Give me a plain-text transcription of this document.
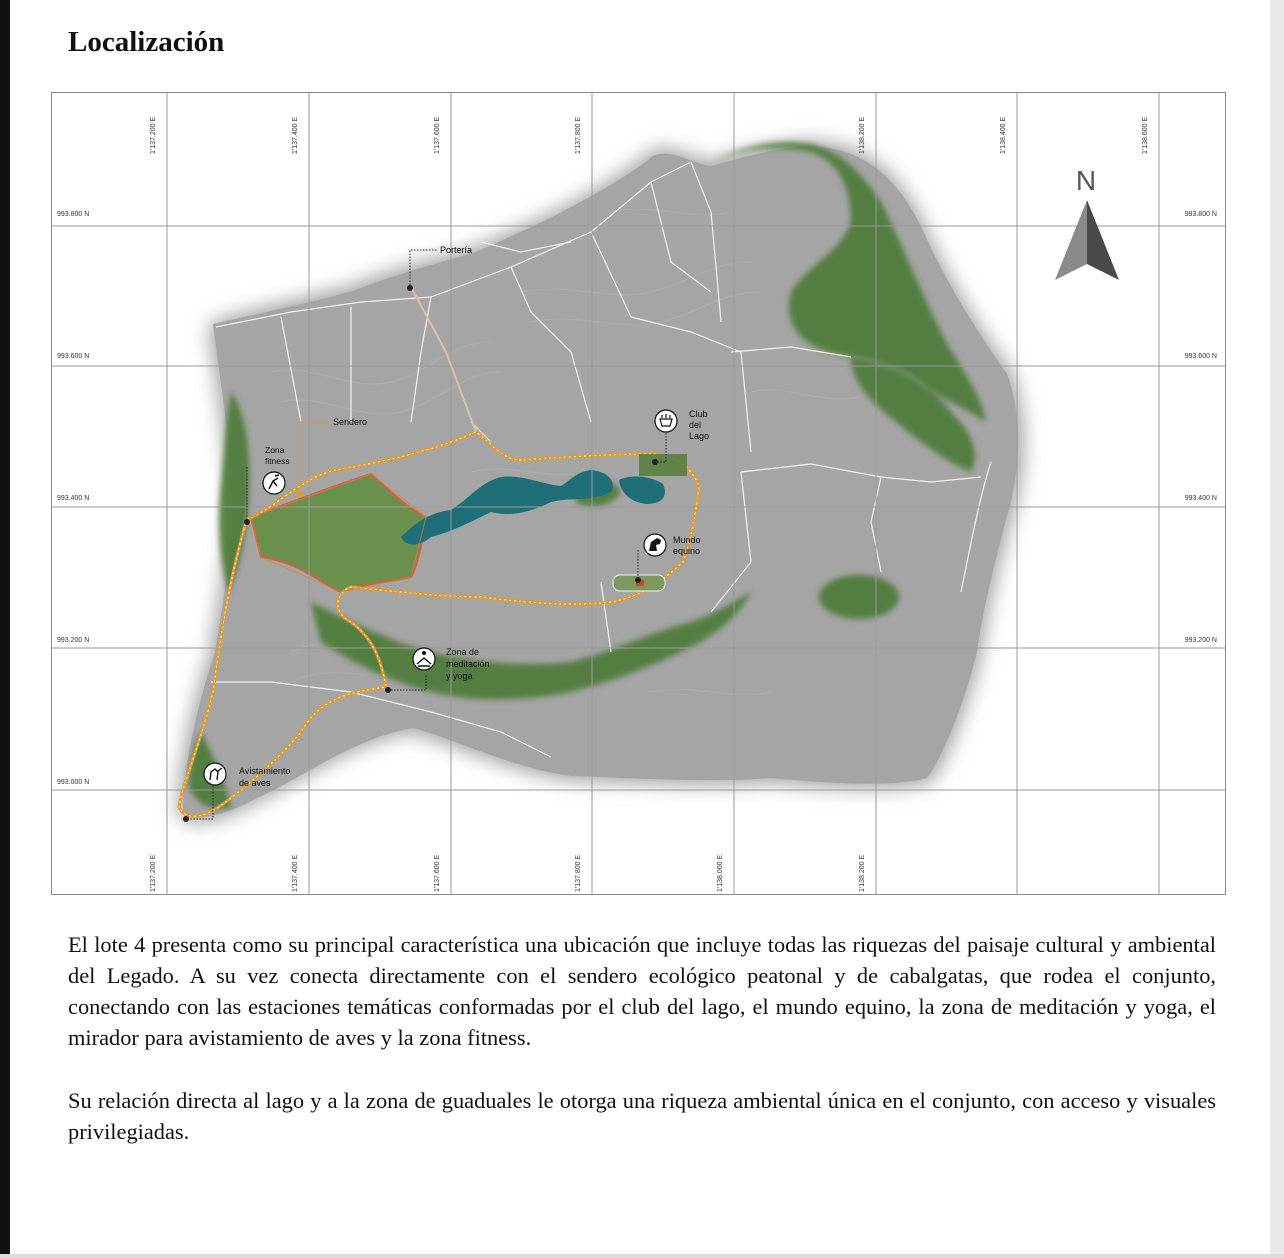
Localización
1'137.200 E	1'137.400 E	1'137.600 E	1'137.800 E	1'138.200 E	1'138.400 E	1'138.600 E
1'137.200 E	1'137.400 E	1'137.600 E	1'137.800 E	1'138.000 E	1'138.200 E
993.800 N
993.600 N
993.400 N
993.200 N
993.000 N
993.800 N
993.600 N
993.400 N
993.200 N
N
Portería
Sendero
Zona
fitness
Club
del
Lago
Mundo
equino
Zona de
meditación
y yoga
Avistamiento
de aves

El lote 4 presenta como su principal característica una ubicación que incluye todas las riquezas del paisaje cultural y ambiental del Legado. A su vez conecta directamente con el sendero ecológico peatonal y de cabalgatas, que rodea el conjunto, conectando con las estaciones temáticas conformadas por el club del lago, el mundo equino, la zona de meditación y yoga, el mirador para avistamiento de aves y la zona fitness.

Su relación directa al lago y a la zona de guaduales le otorga una riqueza ambiental única en el conjunto, con acceso y visuales privilegiadas.
